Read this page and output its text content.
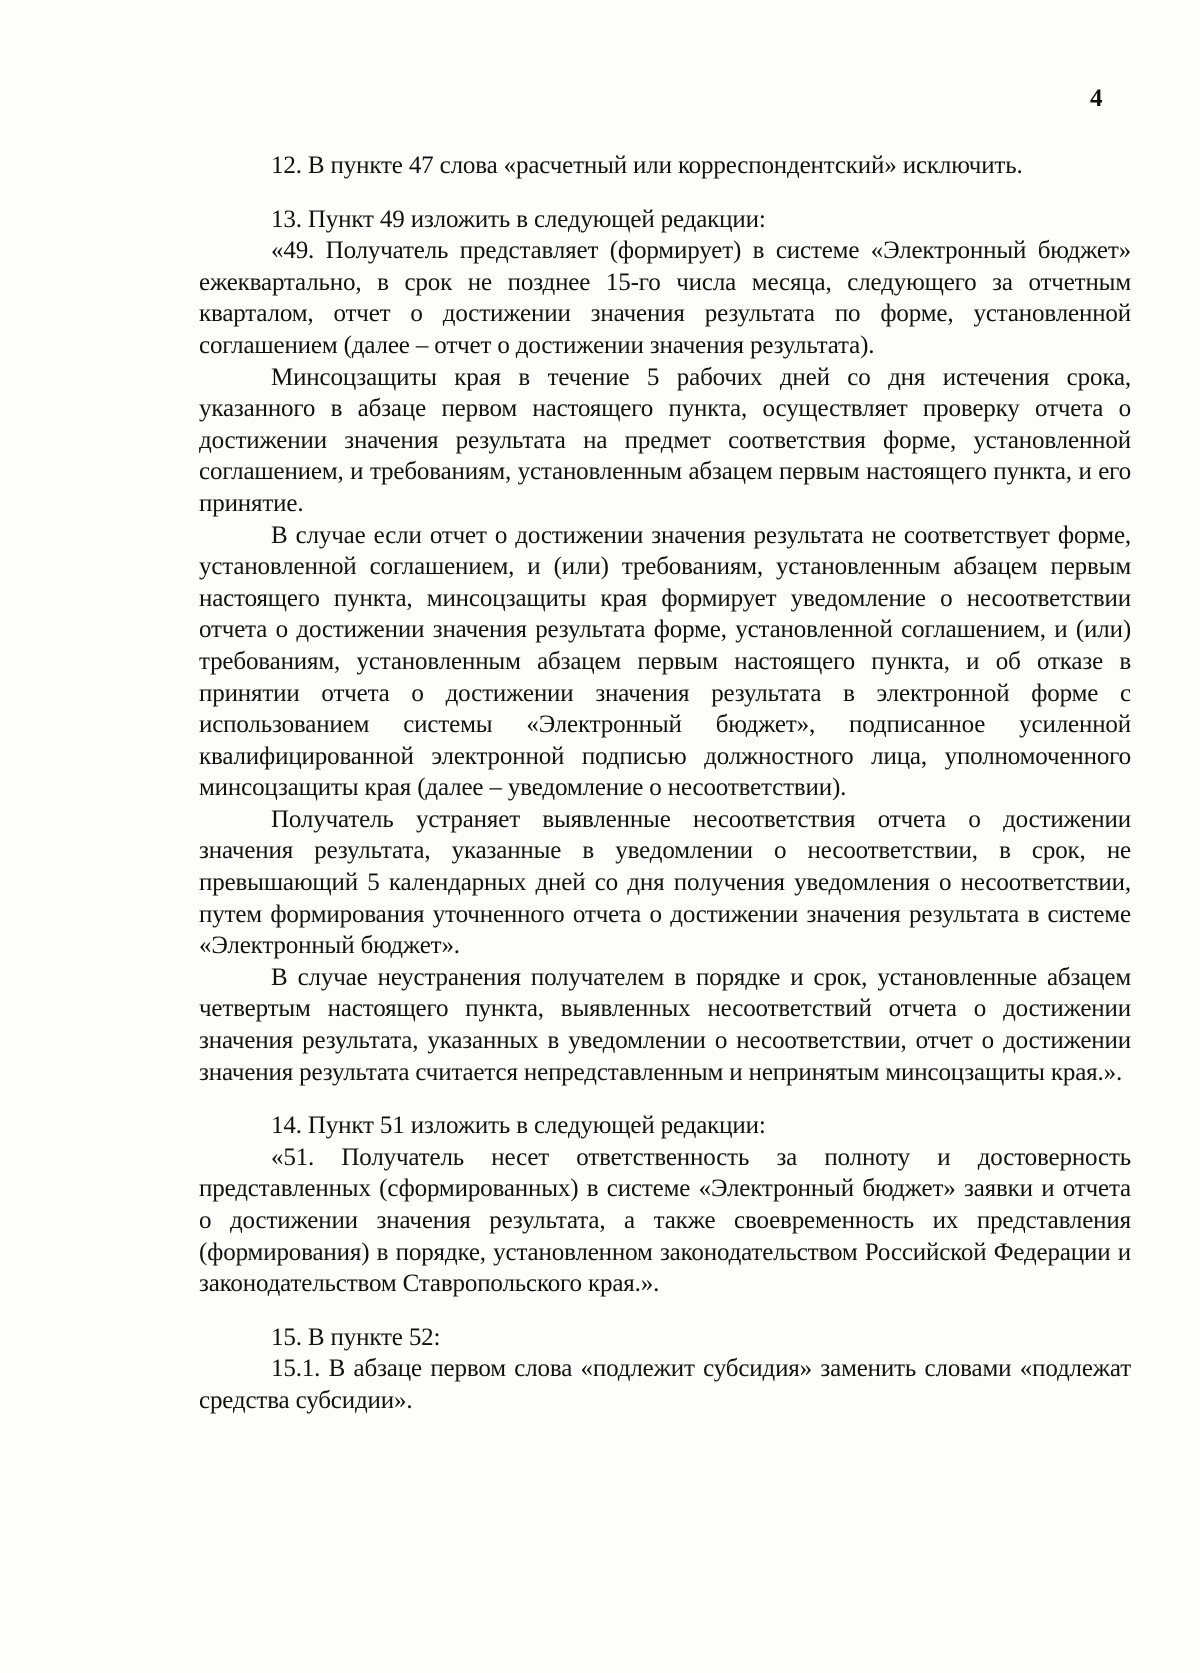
4

12. В пункте 47 слова «расчетный или корреспондентский» исключить.

13. Пункт 49 изложить в следующей редакции:

«49. Получатель представляет (формирует) в системе «Электронный бюджет» ежеквартально, в срок не позднее 15-го числа месяца, следующего за отчетным кварталом, отчет о достижении значения результата по форме, установленной соглашением (далее – отчет о достижении значения результата).

Минсоцзащиты края в течение 5 рабочих дней со дня истечения срока, указанного в абзаце первом настоящего пункта, осуществляет проверку отчета о достижении значения результата на предмет соответствия форме, установленной соглашением, и требованиям, установленным абзацем первым настоящего пункта, и его принятие.

В случае если отчет о достижении значения результата не соответствует форме, установленной соглашением, и (или) требованиям, установленным абзацем первым настоящего пункта, минсоцзащиты края формирует уведомление о несоответствии отчета о достижении значения результата форме, установленной соглашением, и (или) требованиям, установленным абзацем первым настоящего пункта, и об отказе в принятии отчета о достижении значения результата в электронной форме с использованием системы «Электронный бюджет», подписанное усиленной квалифицированной электронной подписью должностного лица, уполномоченного минсоцзащиты края (далее – уведомление о несоответствии).

Получатель устраняет выявленные несоответствия отчета о достижении значения результата, указанные в уведомлении о несоответствии, в срок, не превышающий 5 календарных дней со дня получения уведомления о несоответствии, путем формирования уточненного отчета о достижении значения результата в системе «Электронный бюджет».

В случае неустранения получателем в порядке и срок, установленные абзацем четвертым настоящего пункта, выявленных несоответствий отчета о достижении значения результата, указанных в уведомлении о несоответствии, отчет о достижении значения результата считается непредставленным и непринятым минсоцзащиты края.».

14. Пункт 51 изложить в следующей редакции:

«51. Получатель несет ответственность за полноту и достоверность представленных (сформированных) в системе «Электронный бюджет» заявки и отчета о достижении значения результата, а также своевременность их представления (формирования) в порядке, установленном законодательством Российской Федерации и законодательством Ставропольского края.».

15. В пункте 52:

15.1. В абзаце первом слова «подлежит субсидия» заменить словами «подлежат средства субсидии».
